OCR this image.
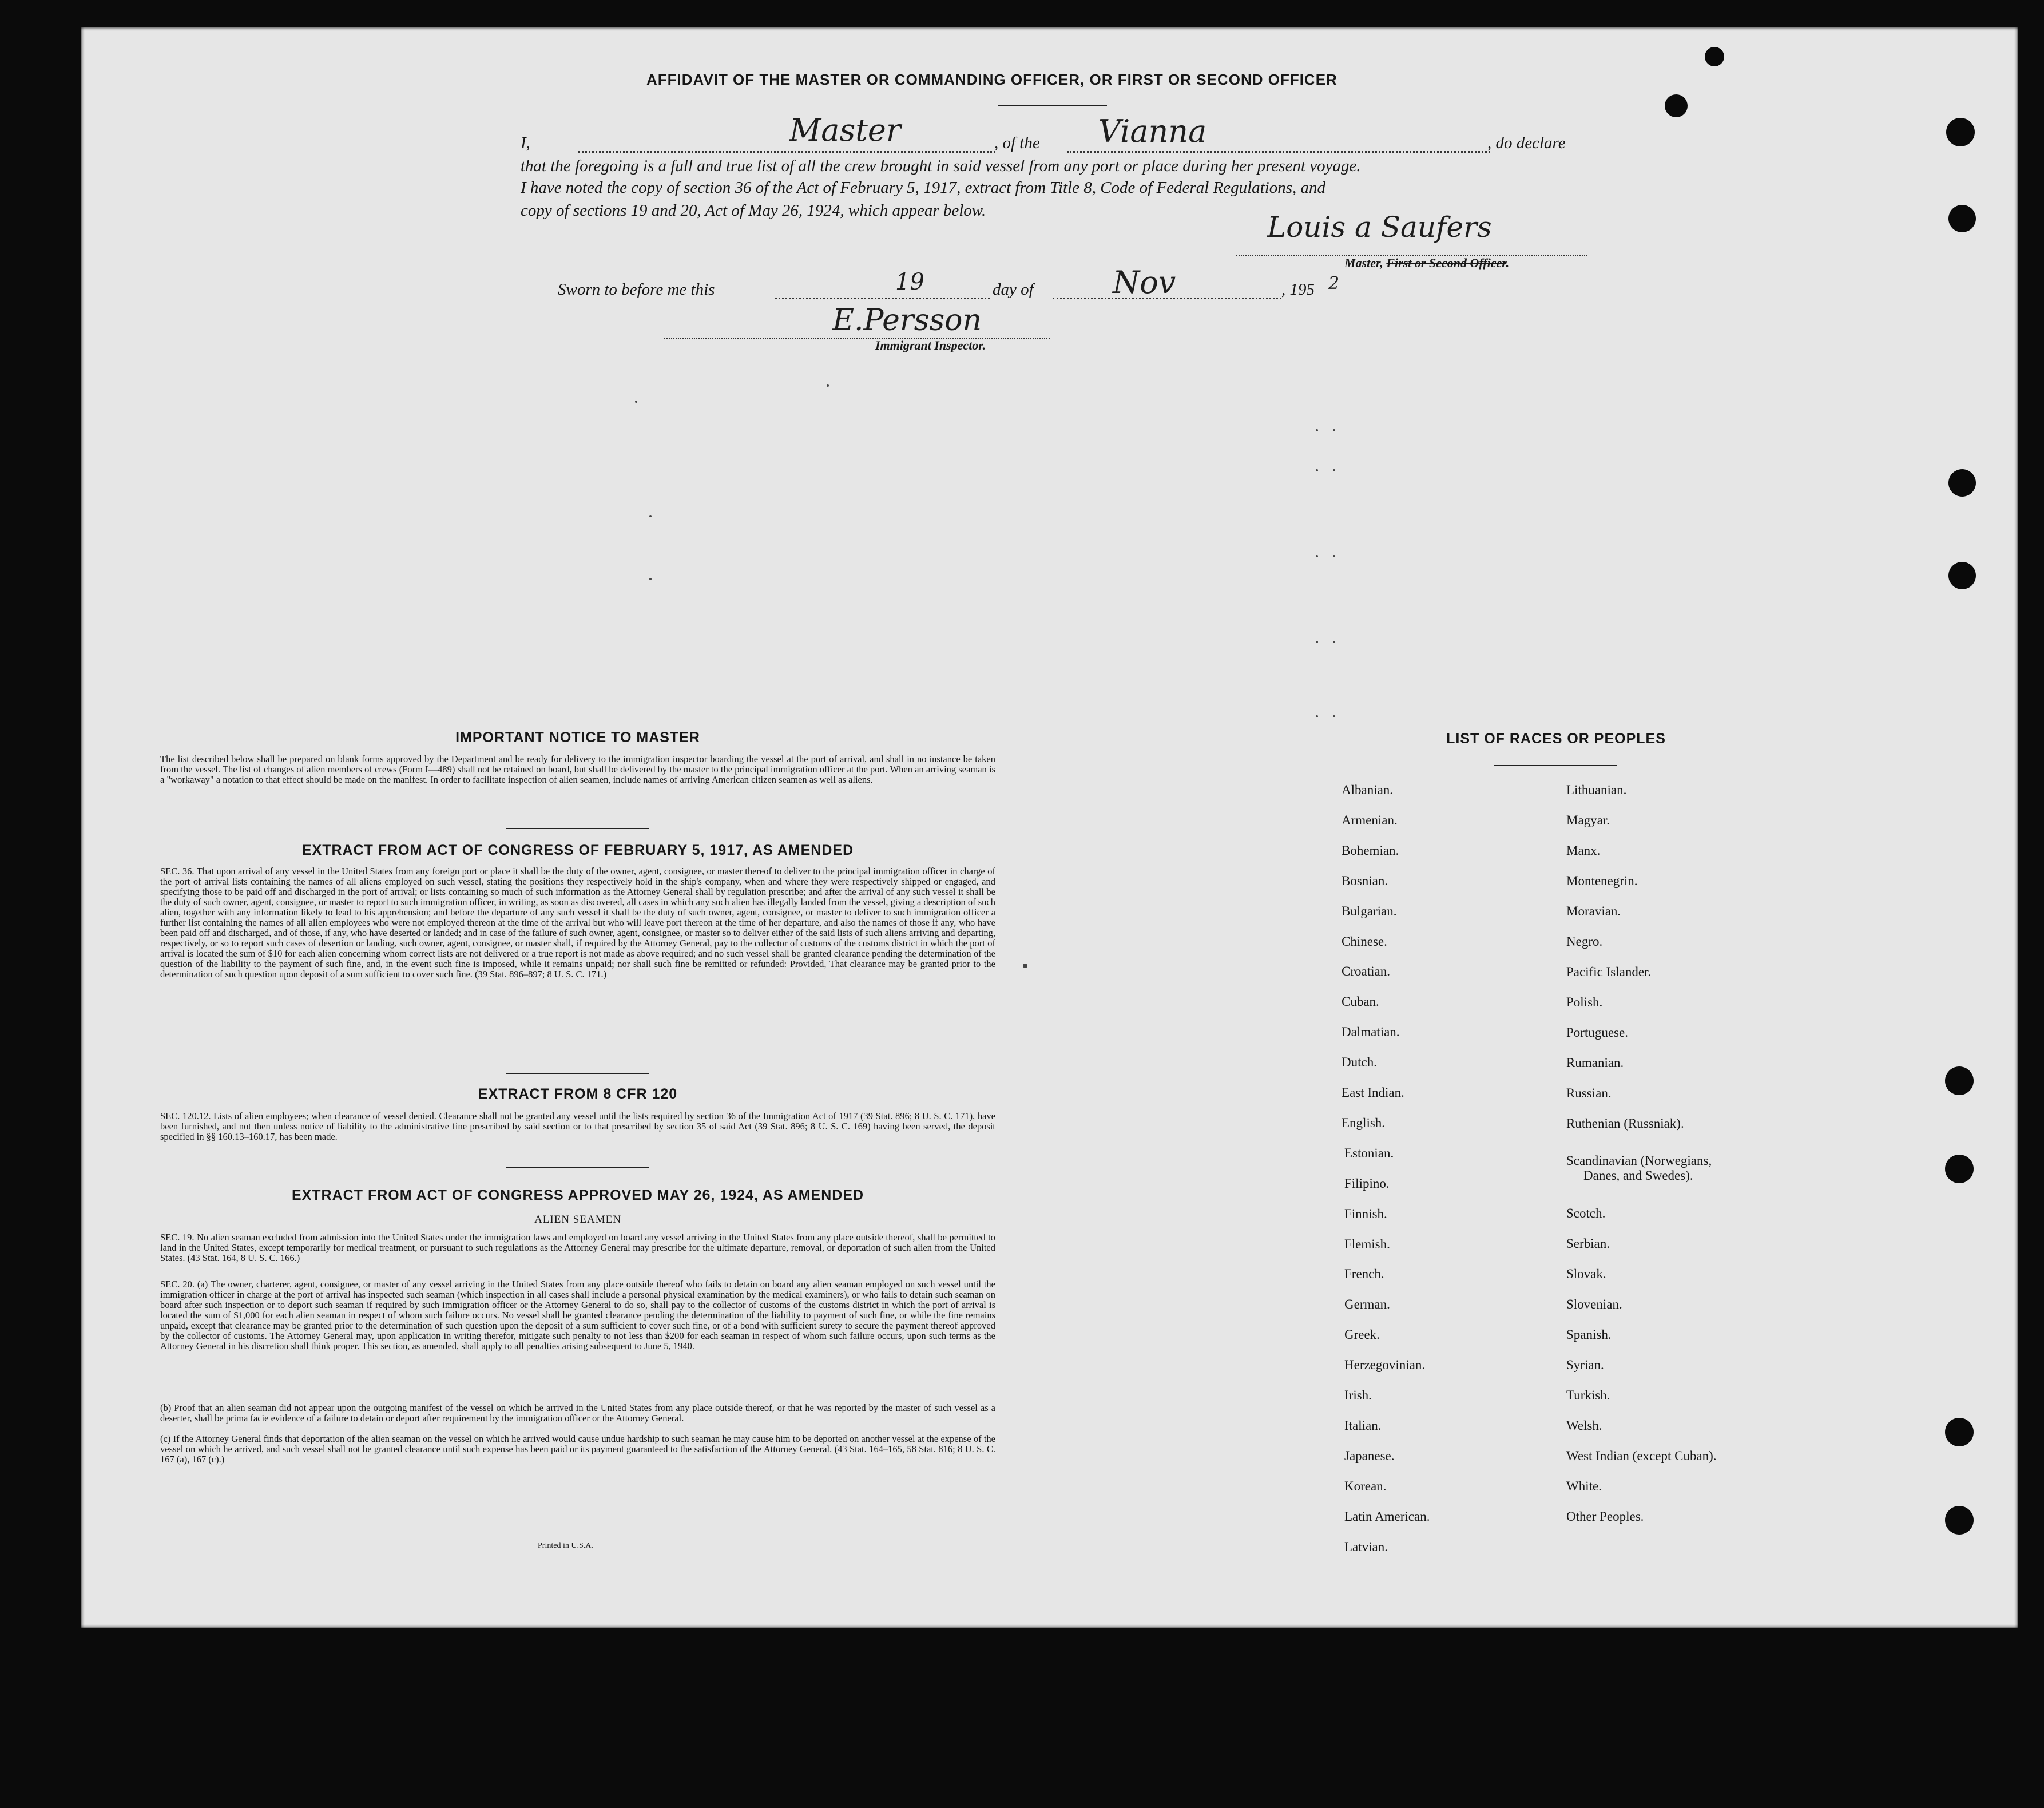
AFFIDAVIT OF THE MASTER OR COMMANDING OFFICER, OR FIRST OR SECOND OFFICER
I,	Master	, of the Vianna	, do declare
that the foregoing is a full and true list of all the crew brought in said vessel from any port or place during her present voyage.
I have noted the copy of section 36 of the Act of February 5, 1917, extract from Title 8, Code of Federal Regulations, and
copy of sections 19 and 20, Act of May 26, 1924, which appear below.	Louis a Saufers
Master, First or Second Officer.
Sworn to before me this	19	day of	Nov	, 195 2
E.Persson
Immigrant Inspector.
IMPORTANT NOTICE TO MASTER
The list described below shall be prepared on blank forms approved by the Department and be ready for delivery to the immigration inspector boarding the vessel at the port of arrival, and shall in no instance be taken from the vessel. The list of changes of alien members of crews (Form I—489) shall not be retained on board, but shall be delivered by the master to the principal immigration officer at the port. When an arriving seaman is a "workaway" a notation to that effect should be made on the manifest. In order to facilitate inspection of alien seamen, include names of arriving American citizen seamen as well as aliens.
EXTRACT FROM ACT OF CONGRESS OF FEBRUARY 5, 1917, AS AMENDED
SEC. 36. That upon arrival of any vessel in the United States from any foreign port or place it shall be the duty of the owner, agent, consignee, or master thereof to deliver to the principal immigration officer in charge of the port of arrival lists containing the names of all aliens employed on such vessel, stating the positions they respectively hold in the ship's company, when and where they were respectively shipped or engaged, and specifying those to be paid off and discharged in the port of arrival; or lists containing so much of such information as the Attorney General shall by regulation prescribe; and after the arrival of any such vessel it shall be the duty of such owner, agent, consignee, or master to report to such immigration officer, in writing, as soon as discovered, all cases in which any such alien has illegally landed from the vessel, giving a description of such alien, together with any information likely to lead to his apprehension; and before the departure of any such vessel it shall be the duty of such owner, agent, consignee, or master to deliver to such immigration officer a further list containing the names of all alien employees who were not employed thereon at the time of the arrival but who will leave port thereon at the time of her departure, and also the names of those if any, who have been paid off and discharged, and of those, if any, who have deserted or landed; and in case of the failure of such owner, agent, consignee, or master so to deliver either of the said lists of such aliens arriving and departing, respectively, or so to report such cases of desertion or landing, such owner, agent, consignee, or master shall, if required by the Attorney General, pay to the collector of customs of the customs district in which the port of arrival is located the sum of $10 for each alien concerning whom correct lists are not delivered or a true report is not made as above required; and no such vessel shall be granted clearance pending the determination of the question of the liability to the payment of such fine, and, in the event such fine is imposed, while it remains unpaid; nor shall such fine be remitted or refunded: Provided, That clearance may be granted prior to the determination of such question upon deposit of a sum sufficient to cover such fine. (39 Stat. 896–897; 8 U. S. C. 171.)
EXTRACT FROM 8 CFR 120
SEC. 120.12. Lists of alien employees; when clearance of vessel denied. Clearance shall not be granted any vessel until the lists required by section 36 of the Immigration Act of 1917 (39 Stat. 896; 8 U. S. C. 171), have been furnished, and not then unless notice of liability to the administrative fine prescribed by said section or to that prescribed by section 35 of said Act (39 Stat. 896; 8 U. S. C. 169) having been served, the deposit specified in §§ 160.13–160.17, has been made.
EXTRACT FROM ACT OF CONGRESS APPROVED MAY 26, 1924, AS AMENDED
ALIEN SEAMEN
SEC. 19. No alien seaman excluded from admission into the United States under the immigration laws and employed on board any vessel arriving in the United States from any place outside thereof, shall be permitted to land in the United States, except temporarily for medical treatment, or pursuant to such regulations as the Attorney General may prescribe for the ultimate departure, removal, or deportation of such alien from the United States. (43 Stat. 164, 8 U. S. C. 166.)
SEC. 20. (a) The owner, charterer, agent, consignee, or master of any vessel arriving in the United States from any place outside thereof who fails to detain on board any alien seaman employed on such vessel until the immigration officer in charge at the port of arrival has inspected such seaman (which inspection in all cases shall include a personal physical examination by the medical examiners), or who fails to detain such seaman on board after such inspection or to deport such seaman if required by such immigration officer or the Attorney General to do so, shall pay to the collector of customs of the customs district in which the port of arrival is located the sum of $1,000 for each alien seaman in respect of whom such failure occurs. No vessel shall be granted clearance pending the determination of the liability to payment of such fine, or while the fine remains unpaid, except that clearance may be granted prior to the determination of such question upon the deposit of a sum sufficient to cover such fine, or of a bond with sufficient surety to secure the payment thereof approved by the collector of customs. The Attorney General may, upon application in writing therefor, mitigate such penalty to not less than $200 for each seaman in respect of whom such failure occurs, upon such terms as the Attorney General in his discretion shall think proper. This section, as amended, shall apply to all penalties arising subsequent to June 5, 1940.
(b) Proof that an alien seaman did not appear upon the outgoing manifest of the vessel on which he arrived in the United States from any place outside thereof, or that he was reported by the master of such vessel as a deserter, shall be prima facie evidence of a failure to detain or deport after requirement by the immigration officer or the Attorney General.
(c) If the Attorney General finds that deportation of the alien seaman on the vessel on which he arrived would cause undue hardship to such seaman he may cause him to be deported on another vessel at the expense of the vessel on which he arrived, and such vessel shall not be granted clearance until such expense has been paid or its payment guaranteed to the satisfaction of the Attorney General. (43 Stat. 164–165, 58 Stat. 816; 8 U. S. C. 167 (a), 167 (c).)
Printed in U.S.A.
LIST OF RACES OR PEOPLES
Albanian.
Armenian.
Bohemian.
Bosnian.
Bulgarian.
Chinese.
Croatian.
Cuban.
Dalmatian.
Dutch.
East Indian.
English.
Estonian.
Filipino.
Finnish.
Flemish.
French.
German.
Greek.
Herzegovinian.
Irish.
Italian.
Japanese.
Korean.
Latin American.
Latvian.
Lithuanian.
Magyar.
Manx.
Montenegrin.
Moravian.
Negro.
Pacific Islander.
Polish.
Portuguese.
Rumanian.
Russian.
Ruthenian (Russniak).
Scandinavian (Norwegians,
Danes, and Swedes).
Scotch.
Serbian.
Slovak.
Slovenian.
Spanish.
Syrian.
Turkish.
Welsh.
West Indian (except Cuban).
White.
Other Peoples.
